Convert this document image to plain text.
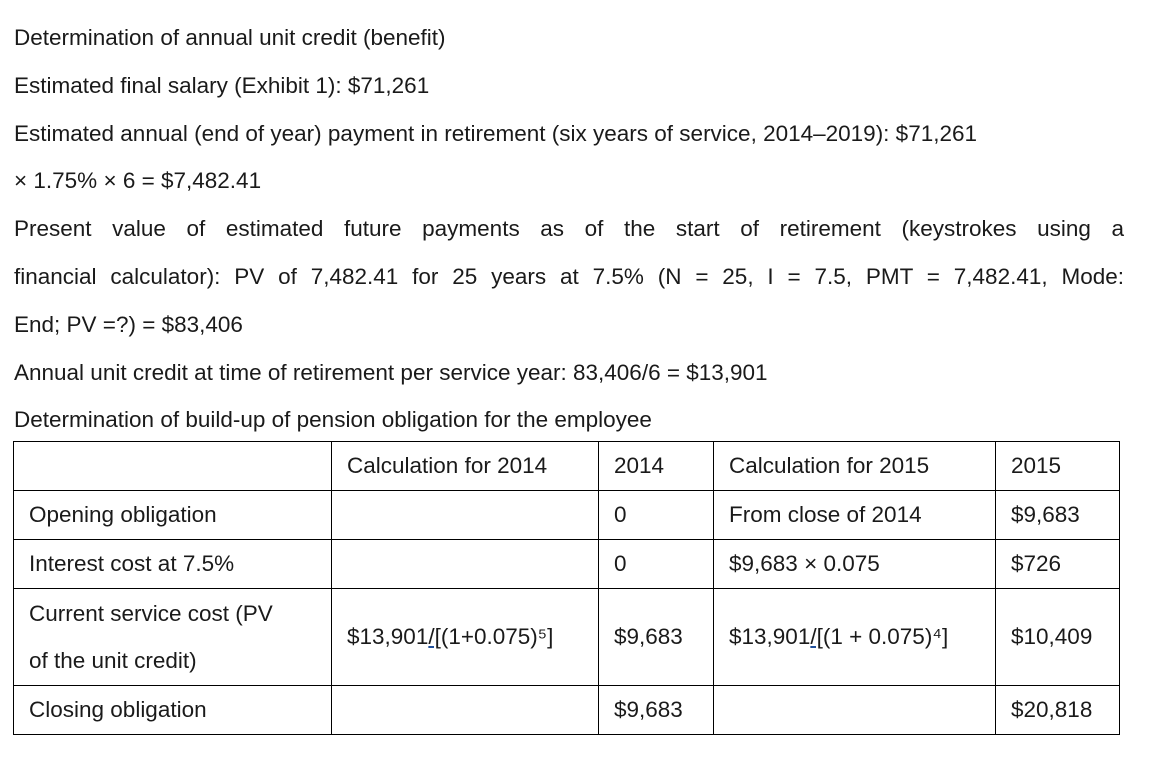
Determination of annual unit credit (benefit)
Estimated final salary (Exhibit 1): $71,261
Estimated annual (end of year) payment in retirement (six years of service, 2014–2019): $71,261
× 1.75% × 6 = $7,482.41
Present value of estimated future payments as of the start of retirement (keystrokes using a
financial calculator): PV of 7,482.41 for 25 years at 7.5% (N = 25, I = 7.5, PMT = 7,482.41, Mode:
End; PV =?) = $83,406
Annual unit credit at time of retirement per service year: 83,406/6 = $13,901
Determination of build-up of pension obligation for the employee
	Calculation for 2014	2014	Calculation for 2015	2015
Opening obligation		0	From close of 2014	$9,683
Interest cost at 7.5%		0	$9,683 × 0.075	$726

Current service cost (PV
of the unit credit)	$13,901/[(1+0.075)⁵]	$9,683	$13,901/[(1 + 0.075)⁴]	$10,409
Closing obligation		$9,683		$20,818
